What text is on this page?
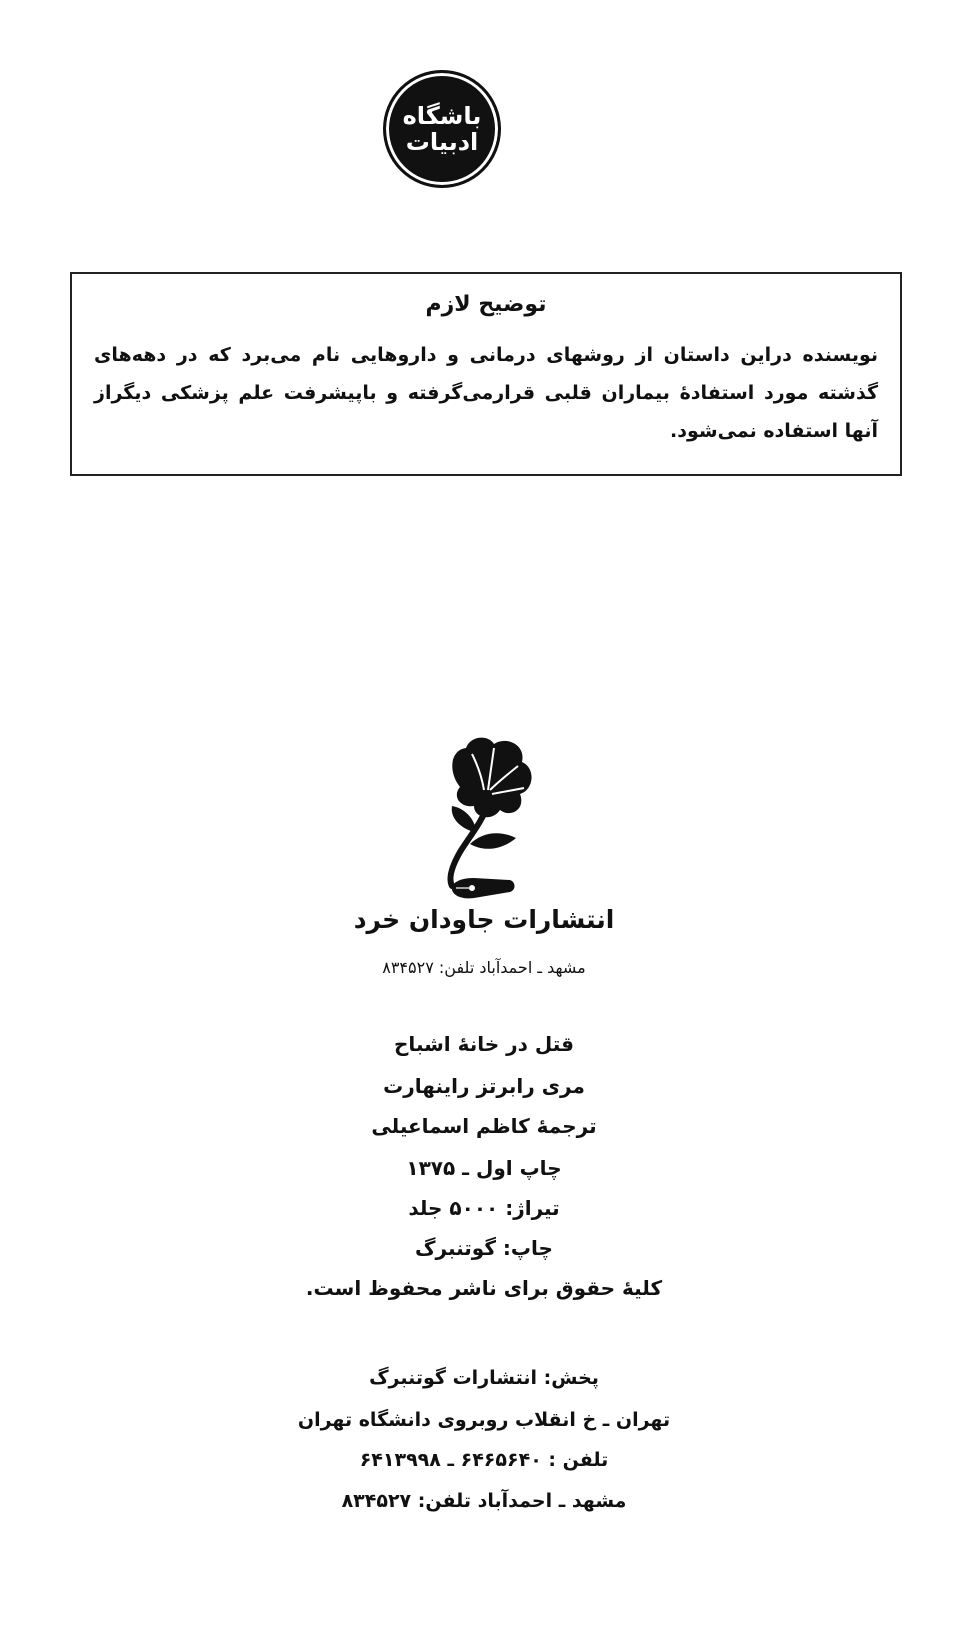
باشگاه
ادبیات
توضیح لازم
نویسنده دراین داستان از روشهای درمانی و داروهایی نام می‌برد که در دهه‌های گذشته مورد استفادهٔ بیماران قلبی قرارمی‌گرفته و باپیشرفت علم پزشکی دیگراز آنها استفاده نمی‌شود.
انتشارات جاودان خرد
مشهد ـ احمدآباد تلفن: ۸۳۴۵۲۷
قتل در خانهٔ اشباح
مری رابرتز راینهارت
ترجمهٔ کاظم اسماعیلی
چاپ اول ـ ۱۳۷۵
تیراژ: ۵۰۰۰ جلد
چاپ: گوتنبرگ
کلیهٔ حقوق برای ناشر محفوظ است.
پخش: انتشارات گوتنبرگ
تهران ـ خ انقلاب روبروی دانشگاه تهران
تلفن : ۶۴۶۵۶۴۰ ـ ۶۴۱۳۹۹۸
مشهد ـ احمدآباد تلفن: ۸۳۴۵۲۷
